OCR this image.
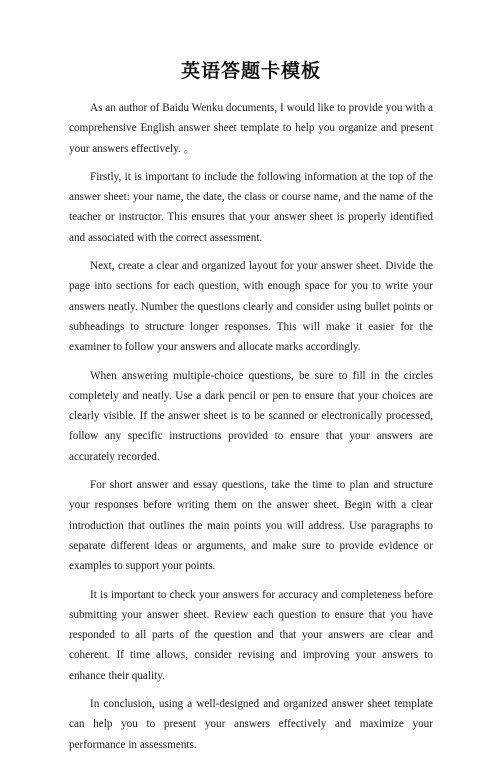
英语答题卡模板

As an author of Baidu Wenku documents, I would like to provide you with a comprehensive English answer sheet template to help you organize and present your answers effectively. 。

Firstly, it is important to include the following information at the top of the answer sheet: your name, the date, the class or course name, and the name of the teacher or instructor. This ensures that your answer sheet is properly identified and associated with the correct assessment.

Next, create a clear and organized layout for your answer sheet. Divide the page into sections for each question, with enough space for you to write your answers neatly. Number the questions clearly and consider using bullet points or subheadings to structure longer responses. This will make it easier for the examiner to follow your answers and allocate marks accordingly.

When answering multiple-choice questions, be sure to fill in the circles completely and neatly. Use a dark pencil or pen to ensure that your choices are clearly visible. If the answer sheet is to be scanned or electronically processed, follow any specific instructions provided to ensure that your answers are accurately recorded.

For short answer and essay questions, take the time to plan and structure your responses before writing them on the answer sheet. Begin with a clear introduction that outlines the main points you will address. Use paragraphs to separate different ideas or arguments, and make sure to provide evidence or examples to support your points.

It is important to check your answers for accuracy and completeness before submitting your answer sheet. Review each question to ensure that you have responded to all parts of the question and that your answers are clear and coherent. If time allows, consider revising and improving your answers to enhance their quality.

In conclusion, using a well-designed and organized answer sheet template can help you to present your answers effectively and maximize your performance in assessments.
